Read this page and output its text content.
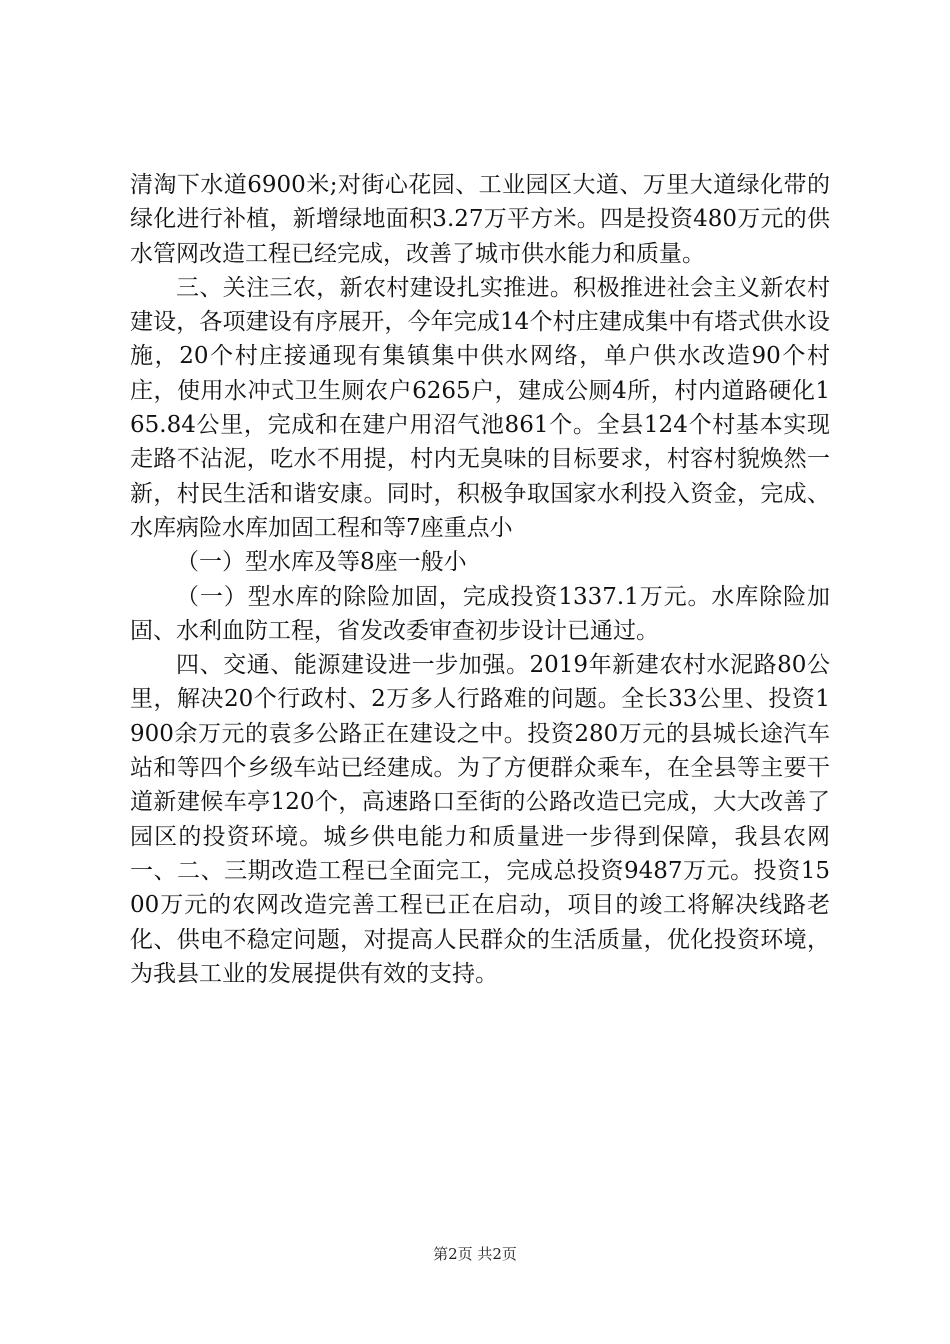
清淘下水道6900米;对街心花园、工业园区大道、万里大道绿化带的绿化进行补植，新增绿地面积3.27万平方米。四是投资480万元的供水管网改造工程已经完成，改善了城市供水能力和质量。

三、关注三农，新农村建设扎实推进。积极推进社会主义新农村建设，各项建设有序展开，今年完成14个村庄建成集中有塔式供水设施，20个村庄接通现有集镇集中供水网络，单户供水改造90个村庄，使用水冲式卫生厕农户6265户，建成公厕4所，村内道路硬化165.84公里，完成和在建户用沼气池861个。全县124个村基本实现走路不沾泥，吃水不用提，村内无臭味的目标要求，村容村貌焕然一新，村民生活和谐安康。同时，积极争取国家水利投入资金，完成、水库病险水库加固工程和等7座重点小

（一）型水库及等8座一般小

（一）型水库的除险加固，完成投资1337.1万元。水库除险加固、水利血防工程，省发改委审查初步设计已通过。

四、交通、能源建设进一步加强。2019年新建农村水泥路80公里，解决20个行政村、2万多人行路难的问题。全长33公里、投资1900余万元的袁多公路正在建设之中。投资280万元的县城长途汽车站和等四个乡级车站已经建成。为了方便群众乘车，在全县等主要干道新建候车亭120个，高速路口至街的公路改造已完成，大大改善了园区的投资环境。城乡供电能力和质量进一步得到保障，我县农网一、二、三期改造工程已全面完工，完成总投资9487万元。投资1500万元的农网改造完善工程已正在启动，项目的竣工将解决线路老化、供电不稳定问题，对提高人民群众的生活质量，优化投资环境，为我县工业的发展提供有效的支持。

第2页 共2页
